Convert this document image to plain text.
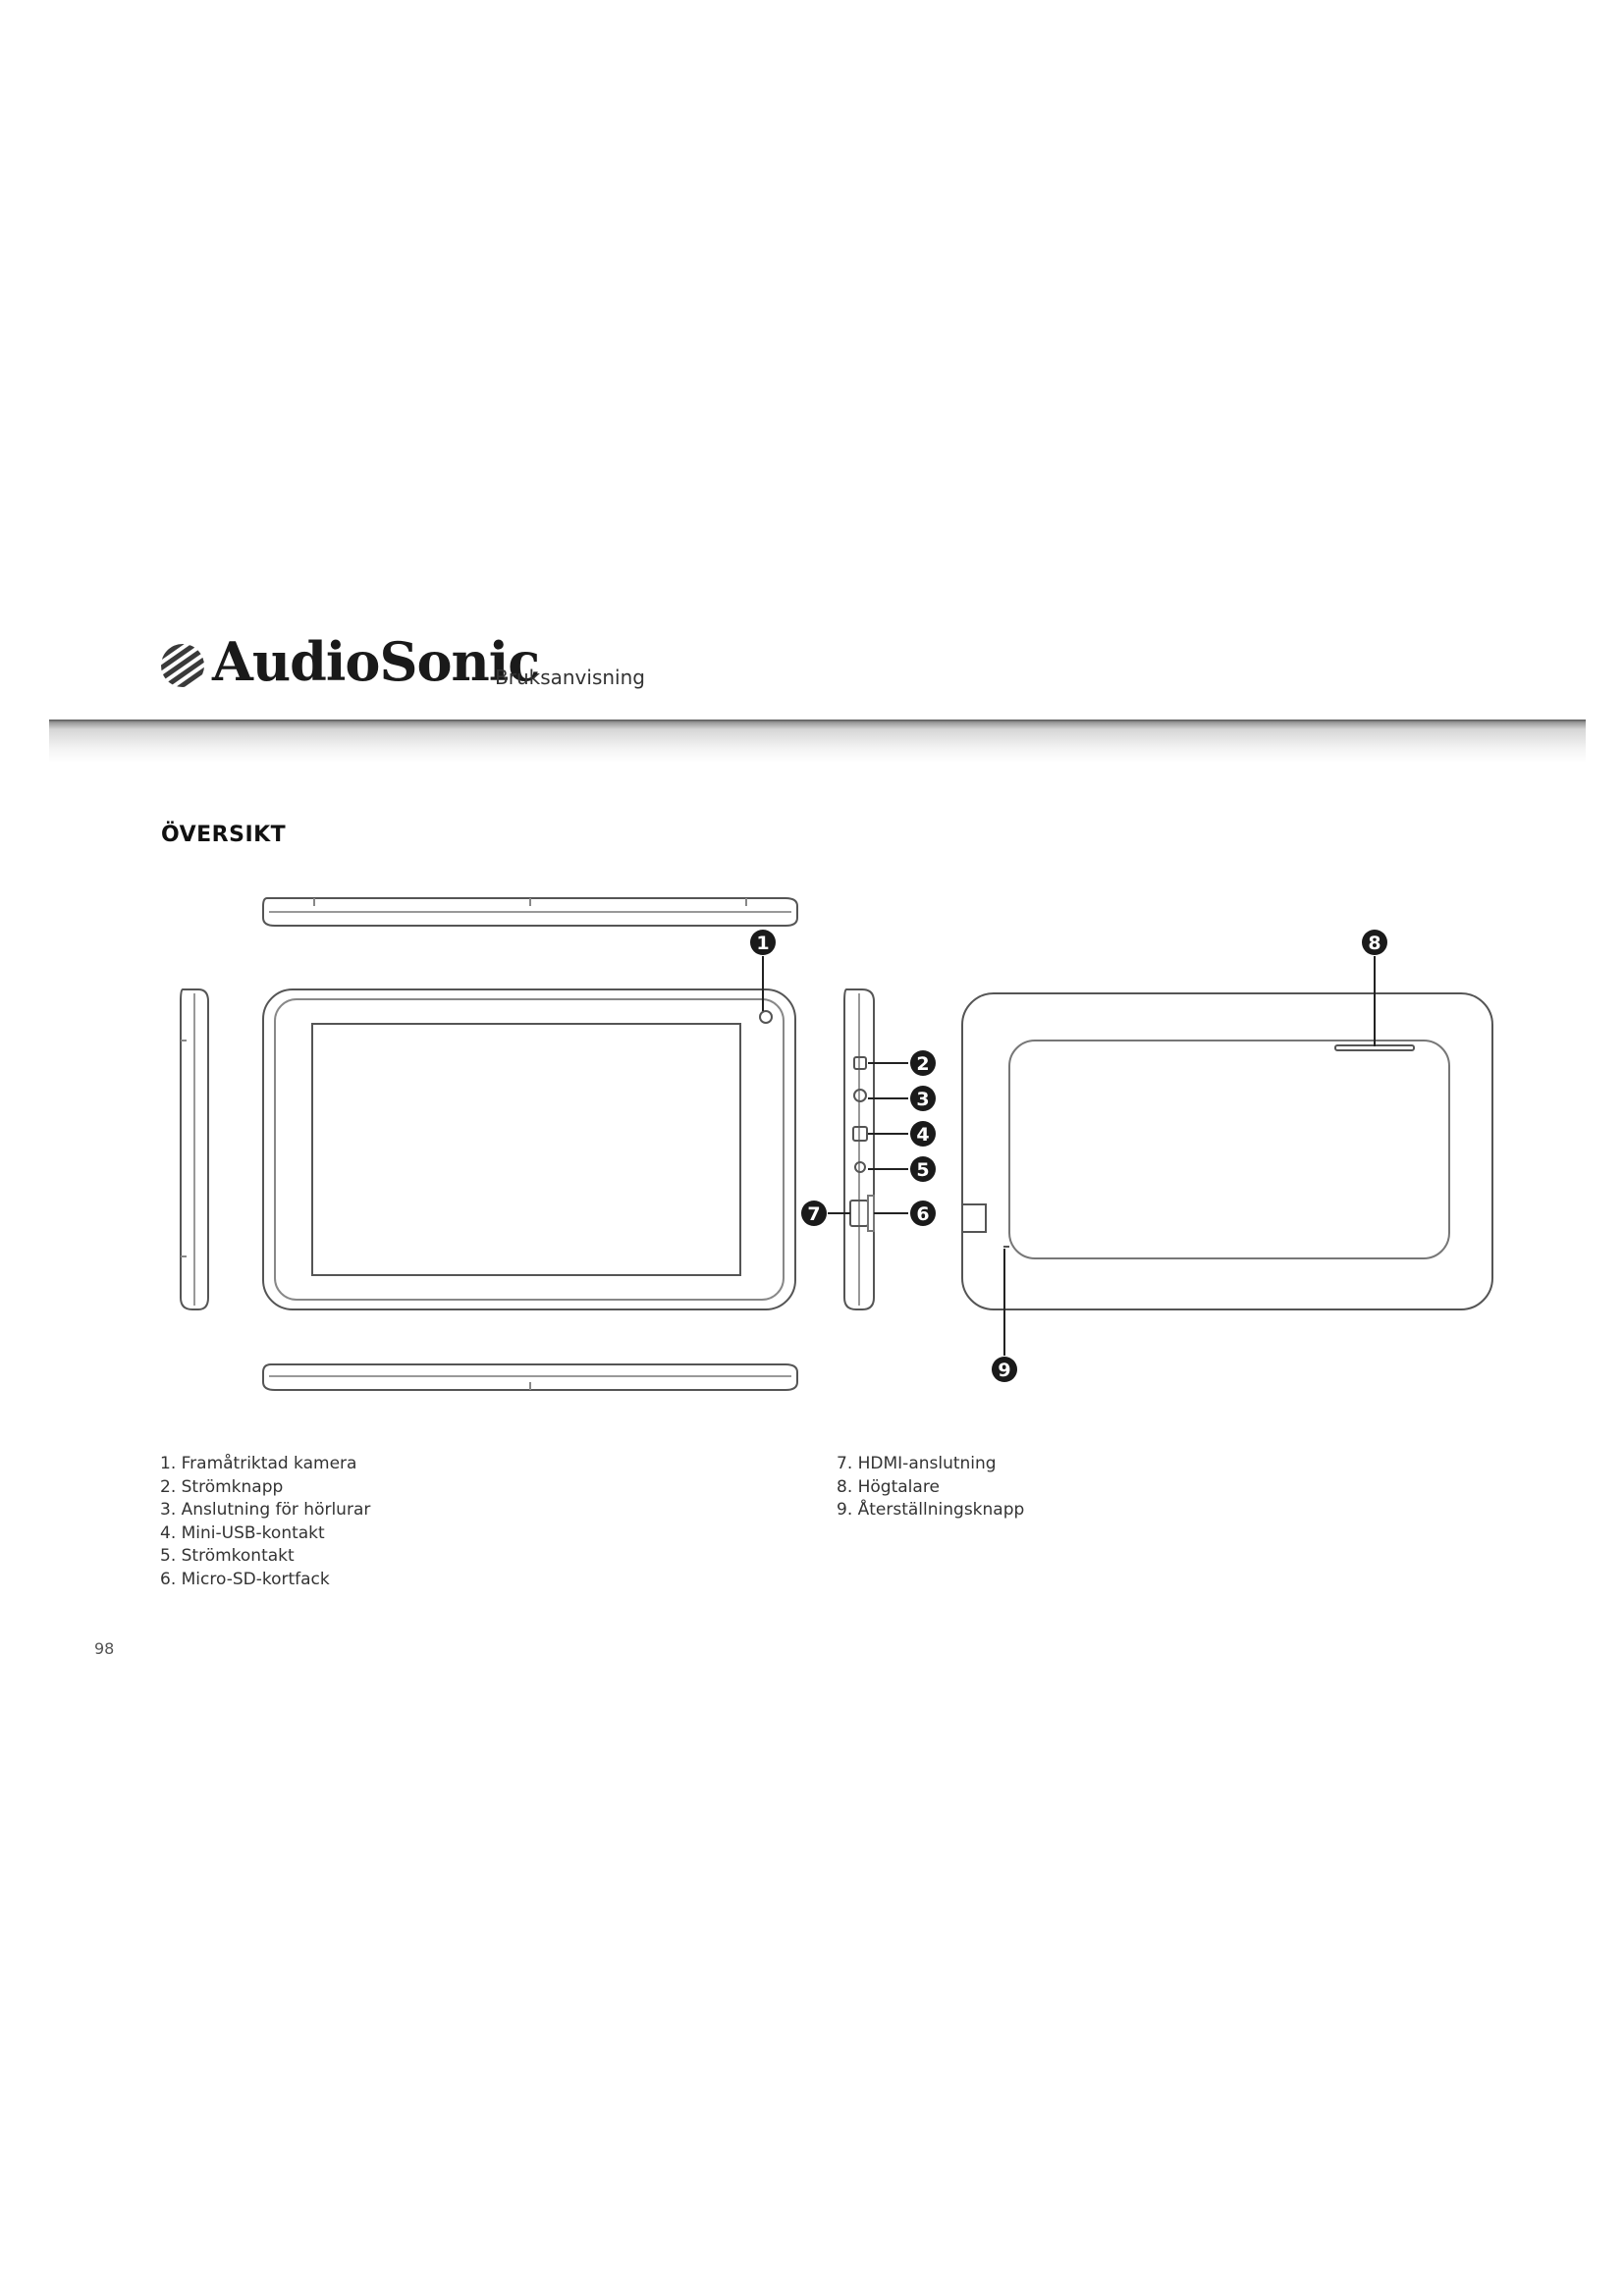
AudioSonic
Bruksanvisning
ÖVERSIKT
1
2
3
4
5
6
7
8
9
1. Framåtriktad kamera
2. Strömknapp
3. Anslutning för hörlurar
4. Mini-USB-kontakt
5. Strömkontakt
6. Micro-SD-kortfack
7. HDMI-anslutning
8. Högtalare
9. Återställningsknapp
98
